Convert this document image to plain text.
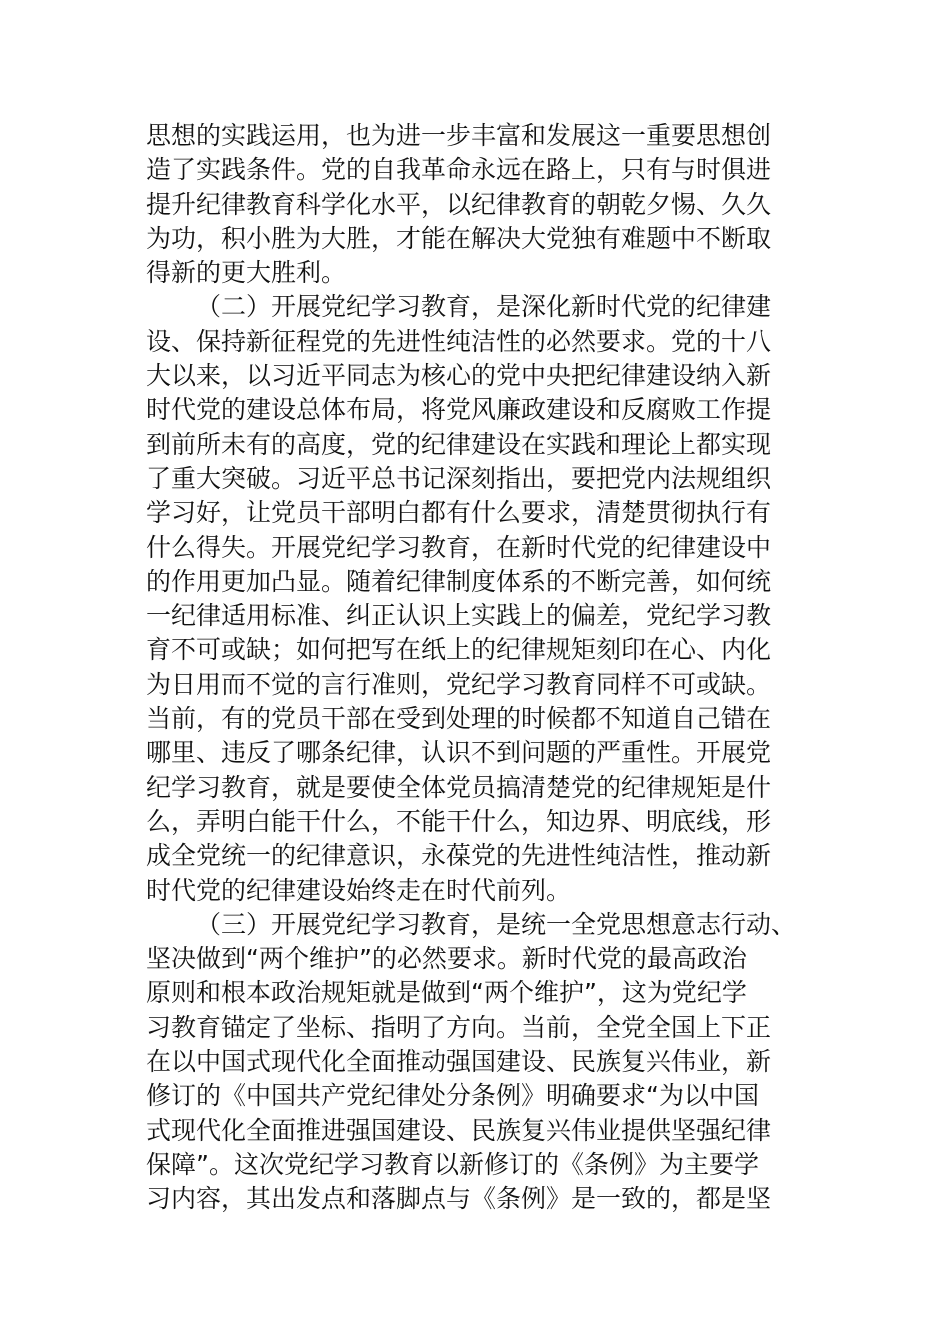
思想的实践运用，也为进一步丰富和发展这一重要思想创
造了实践条件。党的自我革命永远在路上，只有与时俱进
提升纪律教育科学化水平，以纪律教育的朝乾夕惕、久久
为功，积小胜为大胜，才能在解决大党独有难题中不断取
得新的更大胜利。
（二）开展党纪学习教育，是深化新时代党的纪律建
设、保持新征程党的先进性纯洁性的必然要求。党的十八
大以来，以习近平同志为核心的党中央把纪律建设纳入新
时代党的建设总体布局，将党风廉政建设和反腐败工作提
到前所未有的高度，党的纪律建设在实践和理论上都实现
了重大突破。习近平总书记深刻指出，要把党内法规组织
学习好，让党员干部明白都有什么要求，清楚贯彻执行有
什么得失。开展党纪学习教育，在新时代党的纪律建设中
的作用更加凸显。随着纪律制度体系的不断完善，如何统
一纪律适用标准、纠正认识上实践上的偏差，党纪学习教
育不可或缺；如何把写在纸上的纪律规矩刻印在心、内化
为日用而不觉的言行准则，党纪学习教育同样不可或缺。
当前，有的党员干部在受到处理的时候都不知道自己错在
哪里、违反了哪条纪律，认识不到问题的严重性。开展党
纪学习教育，就是要使全体党员搞清楚党的纪律规矩是什
么，弄明白能干什么，不能干什么，知边界、明底线，形
成全党统一的纪律意识，永葆党的先进性纯洁性，推动新
时代党的纪律建设始终走在时代前列。
（三）开展党纪学习教育，是统一全党思想意志行动、
坚决做到“两个维护”的必然要求。新时代党的最高政治
原则和根本政治规矩就是做到“两个维护”，这为党纪学
习教育锚定了坐标、指明了方向。当前，全党全国上下正
在以中国式现代化全面推动强国建设、民族复兴伟业，新
修订的《中国共产党纪律处分条例》明确要求“为以中国
式现代化全面推进强国建设、民族复兴伟业提供坚强纪律
保障”。这次党纪学习教育以新修订的《条例》为主要学
习内容，其出发点和落脚点与《条例》是一致的，都是坚
